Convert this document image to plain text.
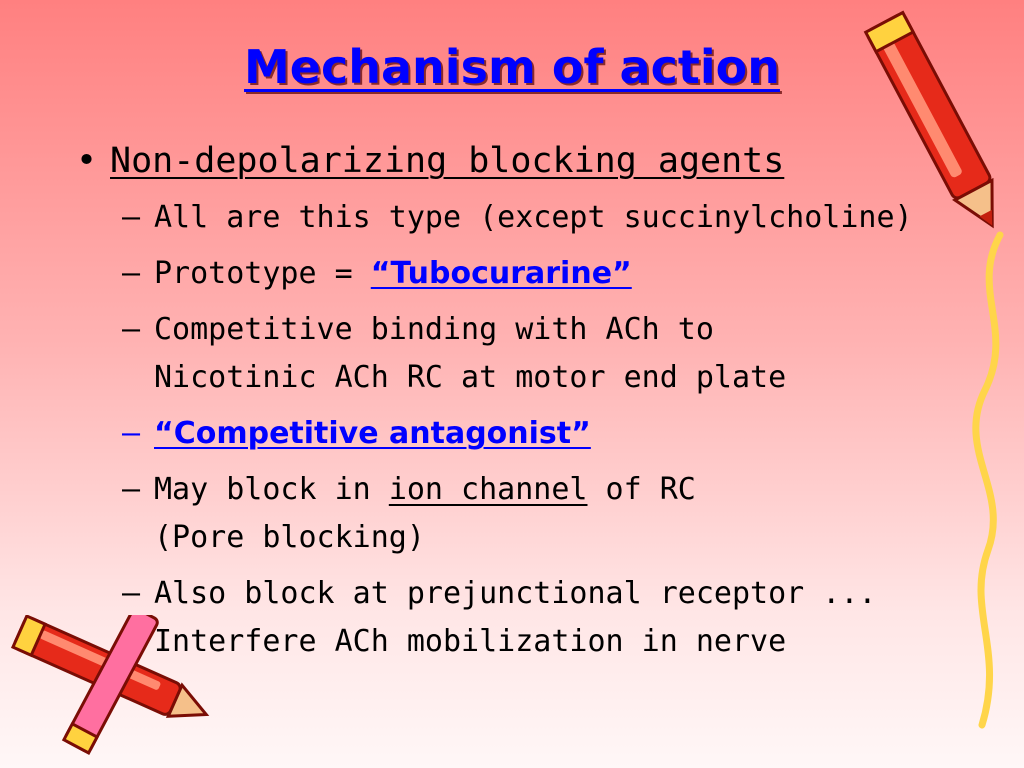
Mechanism of action
• Non-depolarizing blocking agents
– All are this type (except succinylcholine)
– Prototype = “Tubocurarine”
– Competitive binding with ACh to
Nicotinic ACh RC at motor end plate
– “Competitive antagonist”
– May block in ion channel of RC
(Pore blocking)
– Also block at prejunctional receptor ...
Interfere ACh mobilization in nerve
